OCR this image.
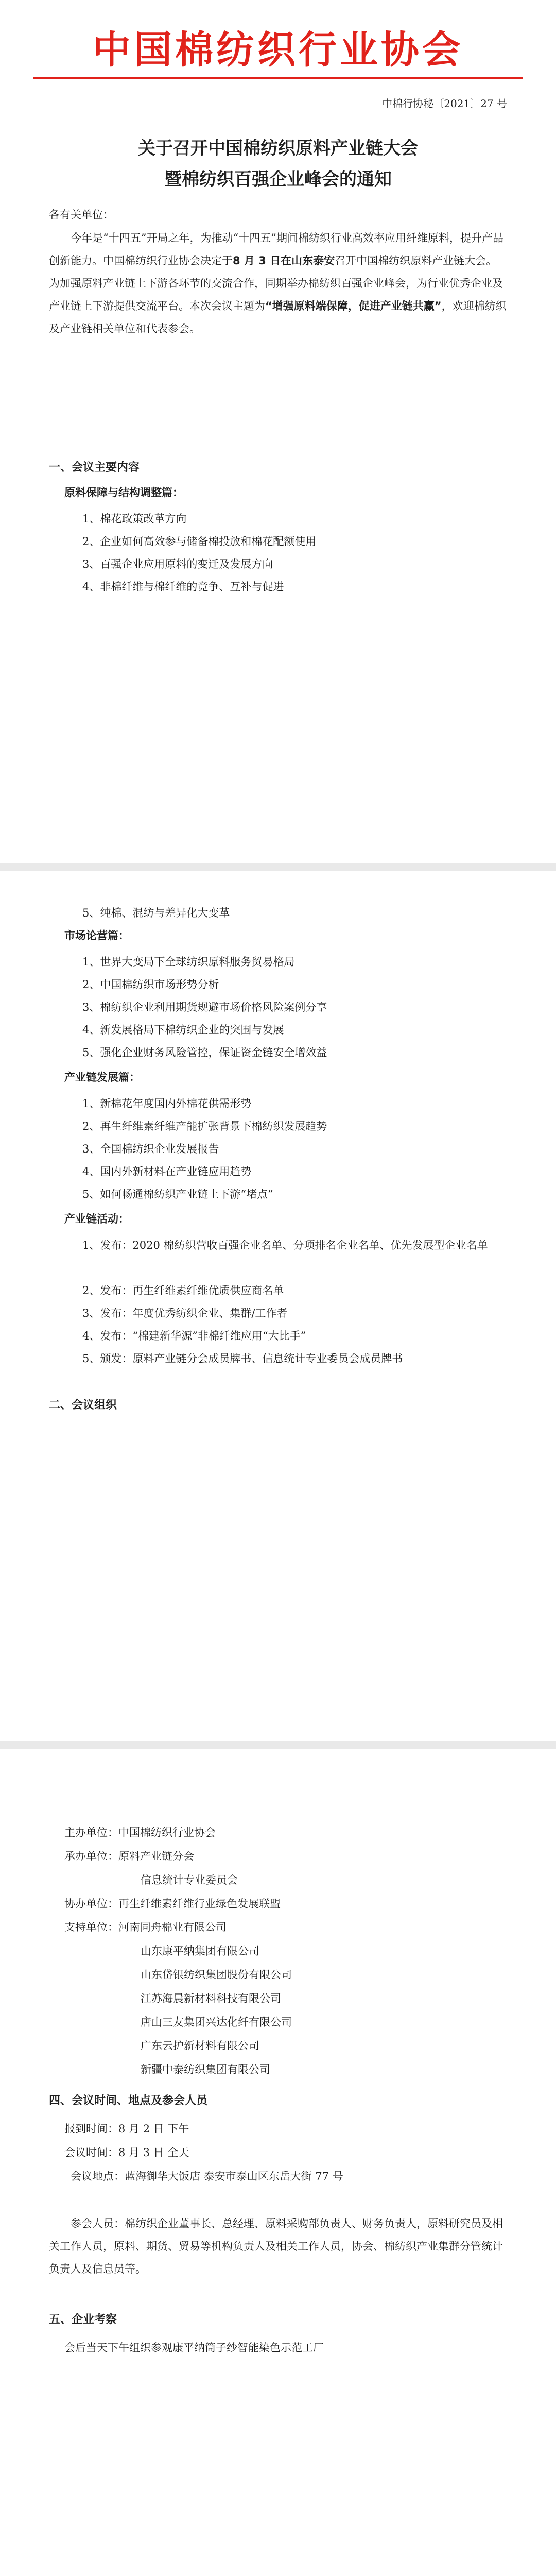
中国棉纺织行业协会
中棉行协秘〔2021〕27 号
关于召开中国棉纺织原料产业链大会
暨棉纺织百强企业峰会的通知
各有关单位：
今年是“十四五”开局之年，为推动“十四五”期间棉纺织行业高效率应用纤维原料，提升产品创新能力。中国棉纺织行业协会决定于8 月 3 日在山东泰安召开中国棉纺织原料产业链大会。为加强原料产业链上下游各环节的交流合作，同期举办棉纺织百强企业峰会，为行业优秀企业及产业链上下游提供交流平台。本次会议主题为“增强原料端保障，促进产业链共赢”，欢迎棉纺织及产业链相关单位和代表参会。
一、会议主要内容
原料保障与结构调整篇：
1、棉花政策改革方向
2、企业如何高效参与储备棉投放和棉花配额使用
3、百强企业应用原料的变迁及发展方向
4、非棉纤维与棉纤维的竞争、互补与促进
5、纯棉、混纺与差异化大变革
市场论营篇：
1、世界大变局下全球纺织原料服务贸易格局
2、中国棉纺织市场形势分析
3、棉纺织企业利用期货规避市场价格风险案例分享
4、新发展格局下棉纺织企业的突围与发展
5、强化企业财务风险管控，保证资金链安全增效益
产业链发展篇：
1、新棉花年度国内外棉花供需形势
2、再生纤维素纤维产能扩张背景下棉纺织发展趋势
3、全国棉纺织企业发展报告
4、国内外新材料在产业链应用趋势
5、如何畅通棉纺织产业链上下游“堵点”
产业链活动：
1、发布：2020 棉纺织营收百强企业名单、分项排名企业名单、优先发展型企业名单
2、发布：再生纤维素纤维优质供应商名单
3、发布：年度优秀纺织企业、集群/工作者
4、发布：“棉建新华源”非棉纤维应用“大比手”
5、颁发：原料产业链分会成员牌书、信息统计专业委员会成员牌书
二、会议组织
主办单位：中国棉纺织行业协会
承办单位：原料产业链分会
信息统计专业委员会
协办单位：再生纤维素纤维行业绿色发展联盟
支持单位：河南同舟棉业有限公司
山东康平纳集团有限公司
山东岱银纺织集团股份有限公司
江苏海晨新材料科技有限公司
唐山三友集团兴达化纤有限公司
广东云护新材料有限公司
新疆中泰纺织集团有限公司
四、会议时间、地点及参会人员
报到时间：8 月 2 日 下午
会议时间：8 月 3 日 全天
会议地点：蓝海御华大饭店 泰安市泰山区东岳大街 77 号
参会人员：棉纺织企业董事长、总经理、原料采购部负责人、财务负责人，原料研究员及相关工作人员，原料、期货、贸易等机构负责人及相关工作人员，协会、棉纺织产业集群分管统计负责人及信息员等。
五、企业考察
会后当天下午组织参观康平纳筒子纱智能染色示范工厂
